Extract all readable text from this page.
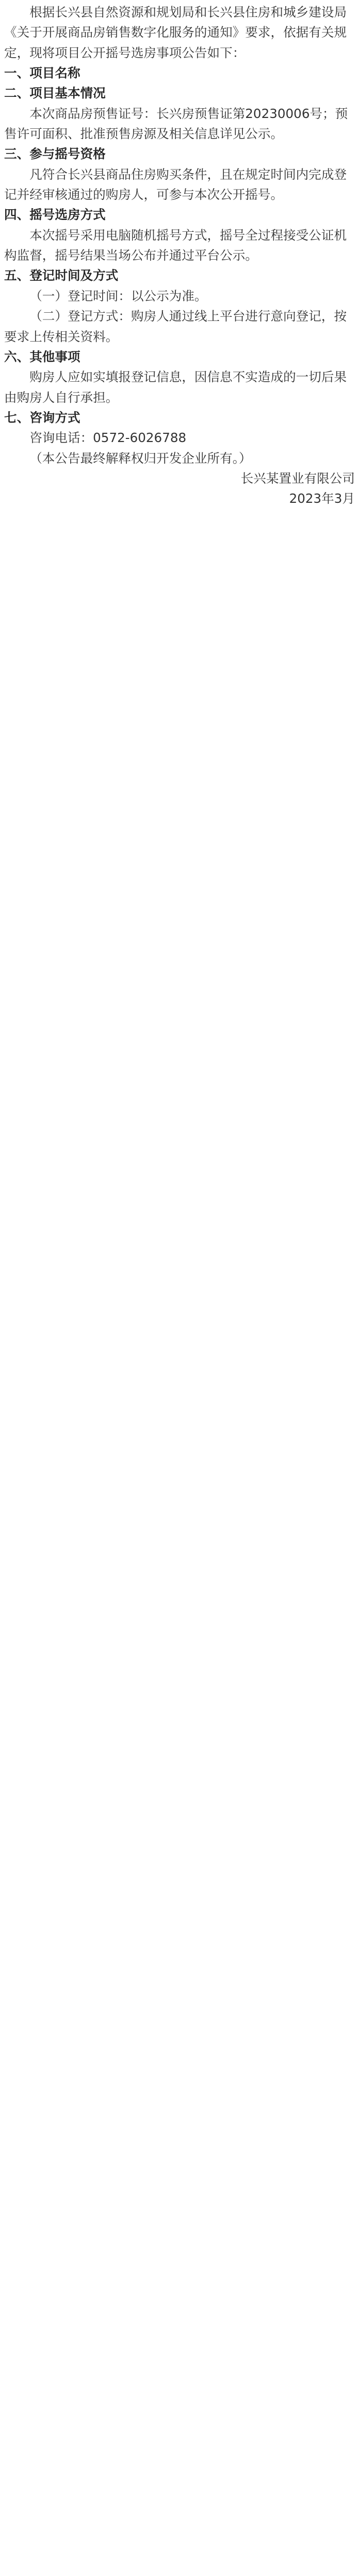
根据长兴县自然资源和规划局和长兴县住房和城乡建设局《关于开展商品房销售数字化服务的通知》要求，依据有关规定，现将项目公开摇号选房事项公告如下：

一、项目名称

二、项目基本情况

本次商品房预售证号：长兴房预售证第20230006号；预售许可面积、批准预售房源及相关信息详见公示。

三、参与摇号资格

凡符合长兴县商品住房购买条件，且在规定时间内完成登记并经审核通过的购房人，可参与本次公开摇号。

四、摇号选房方式

本次摇号采用电脑随机摇号方式，摇号全过程接受公证机构监督，摇号结果当场公布并通过平台公示。

五、登记时间及方式

（一）登记时间：以公示为准。

（二）登记方式：购房人通过线上平台进行意向登记，按要求上传相关资料。

六、其他事项

购房人应如实填报登记信息，因信息不实造成的一切后果由购房人自行承担。

七、咨询方式

咨询电话：0572-6026788

（本公告最终解释权归开发企业所有。）

长兴某置业有限公司

2023年3月
